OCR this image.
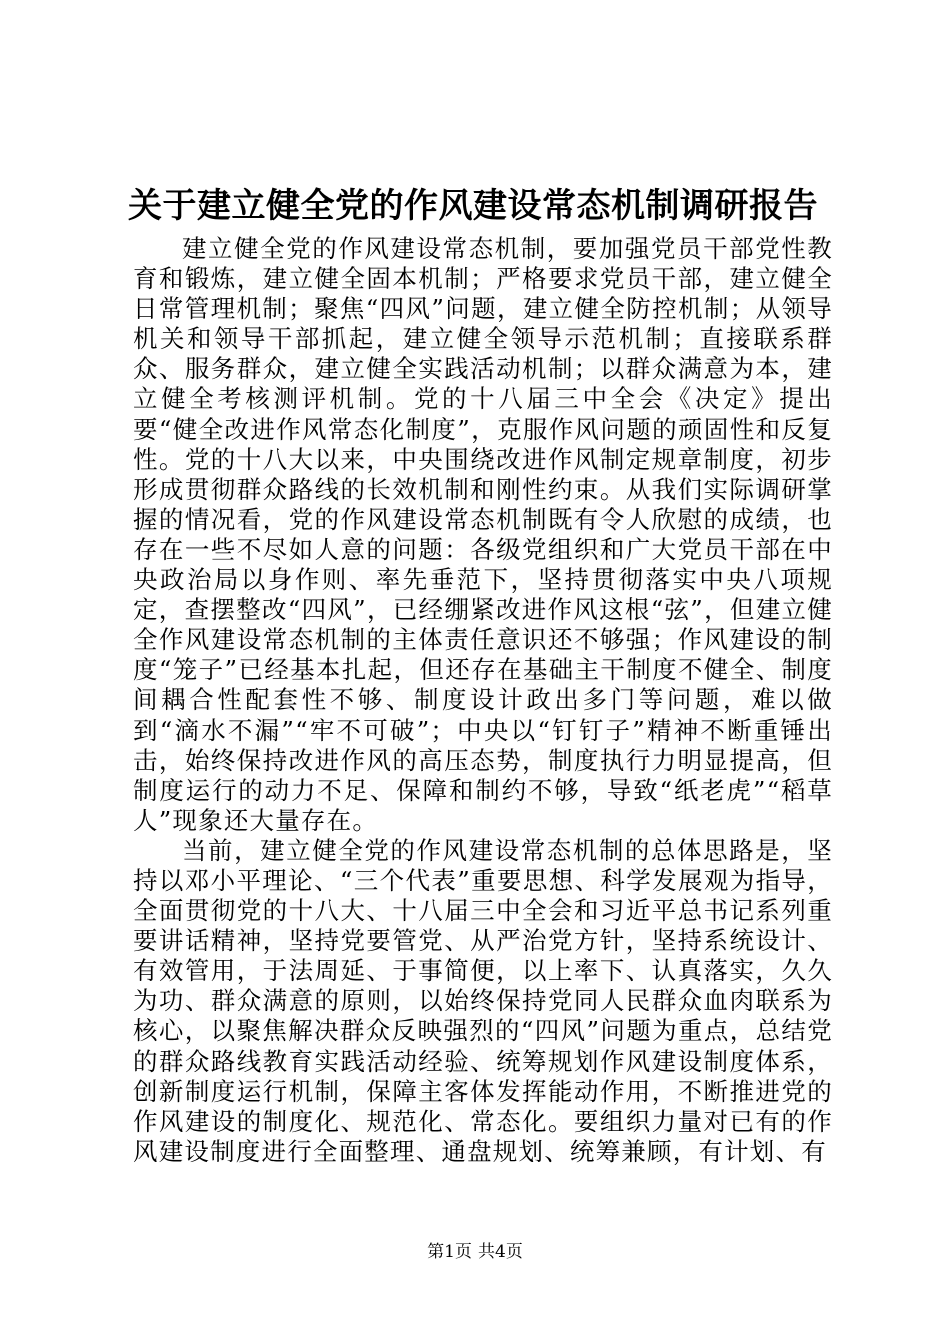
关于建立健全党的作风建设常态机制调研报告

建立健全党的作风建设常态机制，要加强党员干部党性教育和锻炼，建立健全固本机制；严格要求党员干部，建立健全日常管理机制；聚焦“四风”问题，建立健全防控机制；从领导机关和领导干部抓起，建立健全领导示范机制；直接联系群众、服务群众，建立健全实践活动机制；以群众满意为本，建立健全考核测评机制。党的十八届三中全会《决定》提出要“健全改进作风常态化制度”，克服作风问题的顽固性和反复性。党的十八大以来，中央围绕改进作风制定规章制度，初步形成贯彻群众路线的长效机制和刚性约束。从我们实际调研掌握的情况看，党的作风建设常态机制既有令人欣慰的成绩，也存在一些不尽如人意的问题：各级党组织和广大党员干部在中央政治局以身作则、率先垂范下，坚持贯彻落实中央八项规定，查摆整改“四风”，已经绷紧改进作风这根“弦”，但建立健全作风建设常态机制的主体责任意识还不够强；作风建设的制度“笼子”已经基本扎起，但还存在基础主干制度不健全、制度间耦合性配套性不够、制度设计政出多门等问题，难以做到“滴水不漏”“牢不可破”；中央以“钉钉子”精神不断重锤出击，始终保持改进作风的高压态势，制度执行力明显提高，但制度运行的动力不足、保障和制约不够，导致“纸老虎”“稻草人”现象还大量存在。

当前，建立健全党的作风建设常态机制的总体思路是，坚持以邓小平理论、“三个代表”重要思想、科学发展观为指导，全面贯彻党的十八大、十八届三中全会和习近平总书记系列重要讲话精神，坚持党要管党、从严治党方针，坚持系统设计、有效管用，于法周延、于事简便，以上率下、认真落实，久久为功、群众满意的原则，以始终保持党同人民群众血肉联系为核心，以聚焦解决群众反映强烈的“四风”问题为重点，总结党的群众路线教育实践活动经验、统筹规划作风建设制度体系，创新制度运行机制，保障主客体发挥能动作用，不断推进党的作风建设的制度化、规范化、常态化。要组织力量对已有的作风建设制度进行全面整理、通盘规划、统筹兼顾，有计划、有

第1页 共4页
